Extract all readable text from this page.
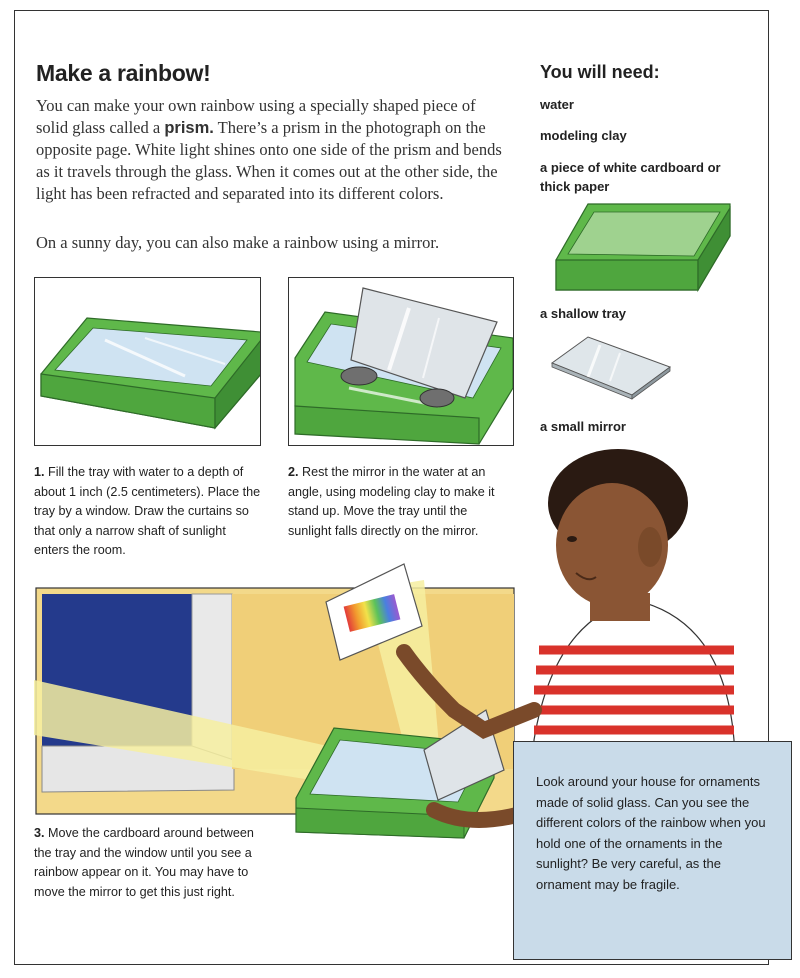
Make a rainbow!
You can make your own rainbow using a specially shaped piece of solid glass called a prism. There’s a prism in the photograph on the opposite page. White light shines onto one side of the prism and bends as it travels through the glass. When it comes out at the other side, the light has been refracted and separated into its different colors.
On a sunny day, you can also make a rainbow using a mirror.
You will need:
water
modeling clay
a piece of white cardboard or thick paper
a shallow tray
a small mirror
1. Fill the tray with water to a depth of about 1 inch (2.5 centimeters). Place the tray by a window. Draw the curtains so that only a narrow shaft of sunlight enters the room.
2. Rest the mirror in the water at an angle, using modeling clay to make it stand up. Move the tray until the sunlight falls directly on the mirror.
3. Move the cardboard around between the tray and the window until you see a rainbow appear on it. You may have to move the mirror to get this just right.
Look around your house for ornaments made of solid glass. Can you see the different colors of the rainbow when you hold one of the ornaments in the sunlight? Be very careful, as the ornament may be fragile.
